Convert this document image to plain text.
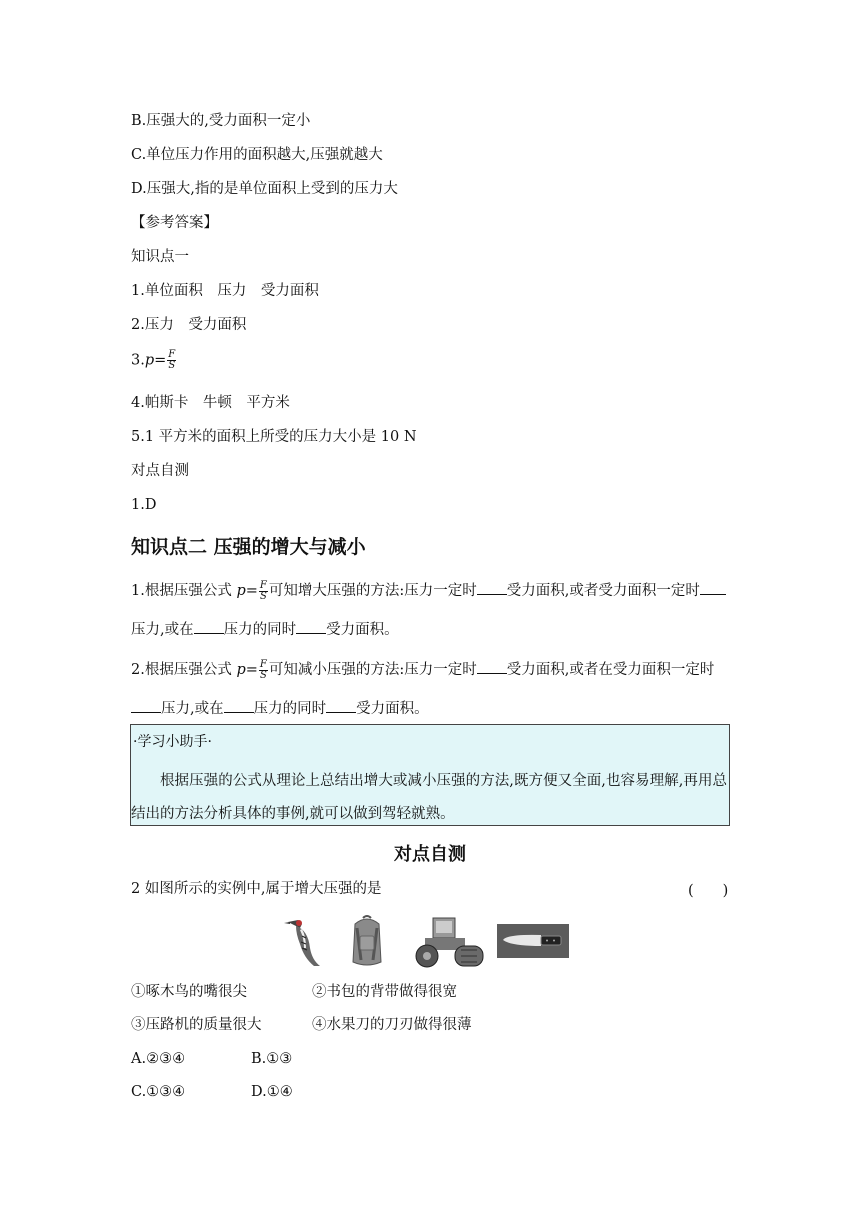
B.压强大的,受力面积一定小
C.单位压力作用的面积越大,压强就越大
D.压强大,指的是单位面积上受到的压力大
【参考答案】
知识点一
1.单位面积　压力　受力面积
2.压力　受力面积
$3.p= \frac{F}{S}$
4.帕斯卡　牛顿　平方米
5.1 平方米的面积上所受的压力大小是 10 N
对点自测
1.D
知识点二 压强的增大与减小
1.根据压强公式 $p= \frac{F}{S}$ 可知增大压强的方法:压力一定时 受力面积,或者受力面积一定时
压力,或在 压力的同时 受力面积。
2.根据压强公式 $p= \frac{F}{S}$ 可知减小压强的方法:压力一定时 受力面积,或者在受力面积一定时
压力,或在 压力的同时 受力面积。
·学习小助手·
根据压强的公式从理论上总结出增大或减小压强的方法,既方便又全面,也容易理解,再用总结出的方法分析具体的事例,就可以做到驾轻就熟。
对点自测
2 如图所示的实例中,属于增大压强的是	(　　)
①啄木鸟的嘴很尖	②书包的背带做得很宽
③压路机的质量很大	④水果刀的刀刃做得很薄
A.②③④	B.①③
C.①③④	D.①④
